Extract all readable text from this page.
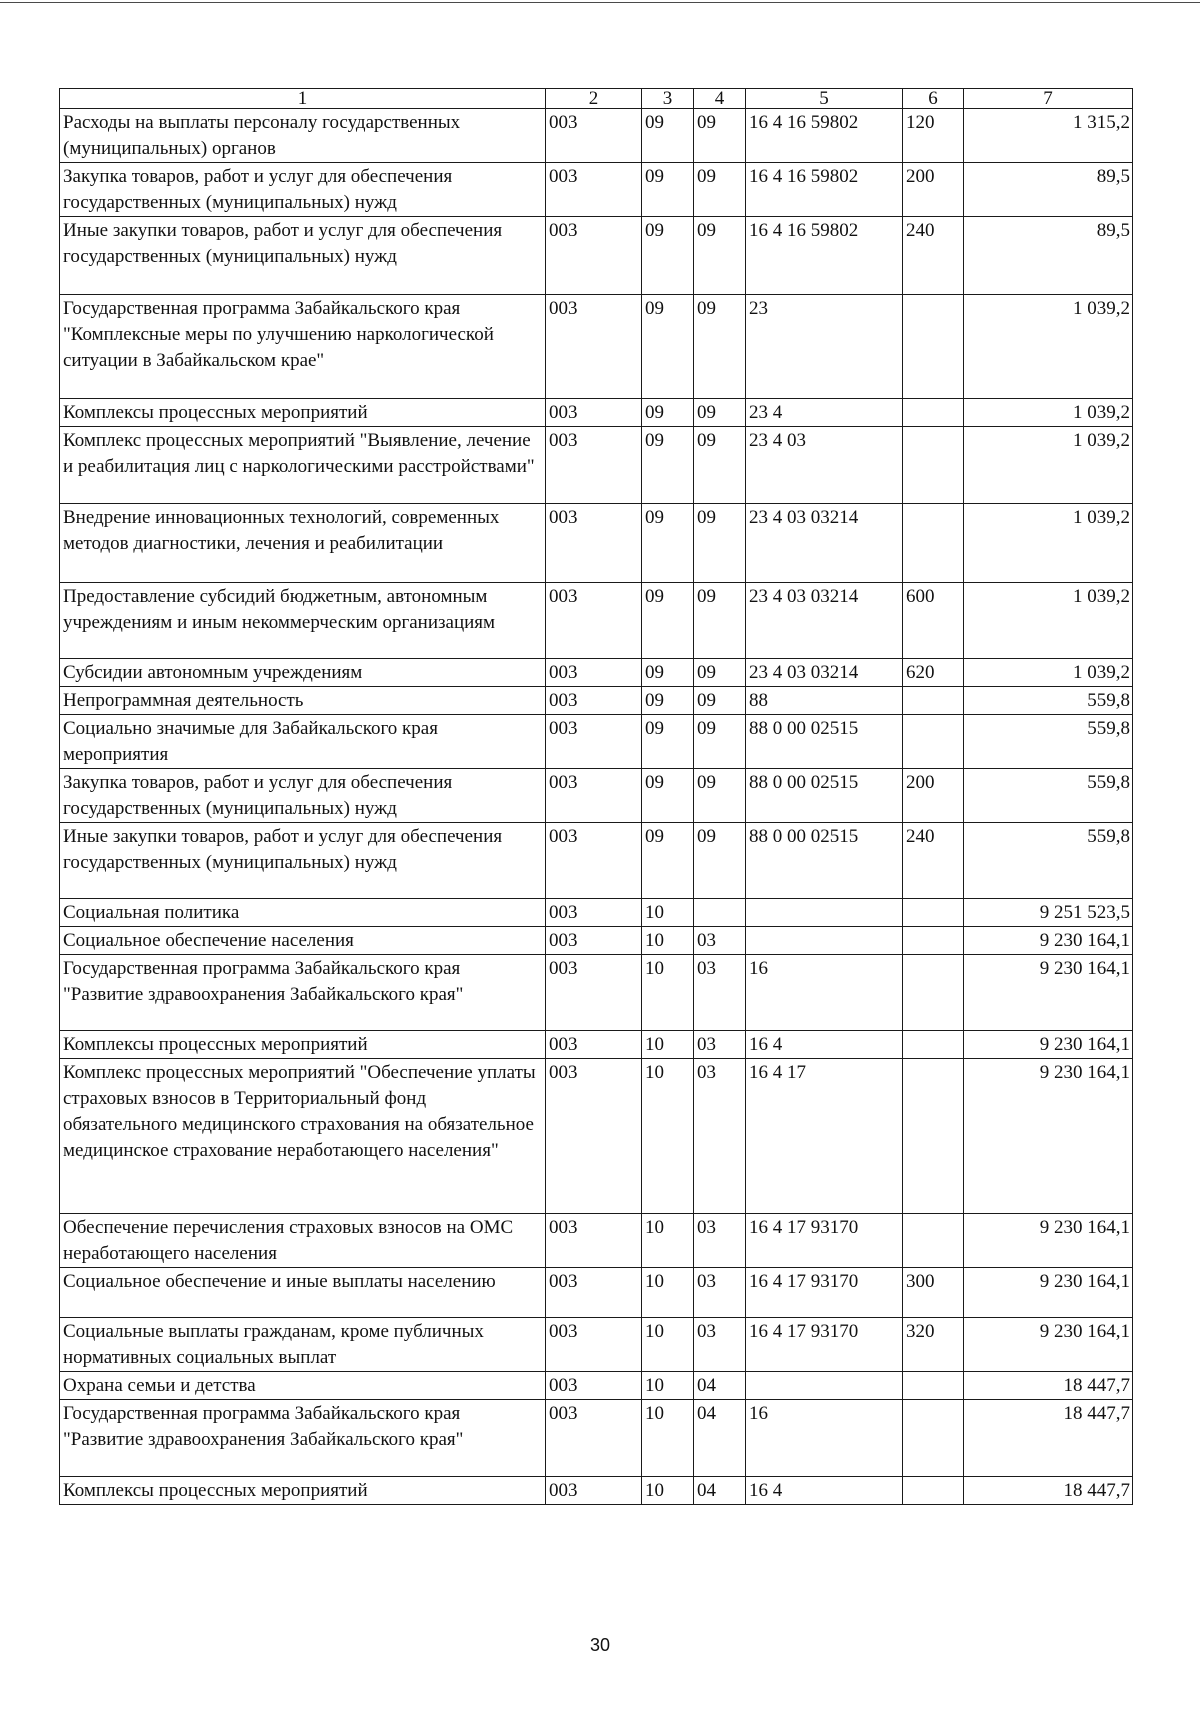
1	2	3	4	5	6	7
Расходы на выплаты персоналу государственных (муниципальных) органов	003	09	09	16 4 16 59802	120	1 315,2
Закупка товаров, работ и услуг для обеспечения государственных (муниципальных) нужд	003	09	09	16 4 16 59802	200	89,5
Иные закупки товаров, работ и услуг для обеспечения государственных (муниципальных) нужд	003	09	09	16 4 16 59802	240	89,5
Государственная программа Забайкальского края "Комплексные меры по улучшению наркологической ситуации в Забайкальском крае"	003	09	09	23		1 039,2
Комплексы процессных мероприятий	003	09	09	23 4		1 039,2
Комплекс процессных мероприятий "Выявление, лечение и реабилитация лиц с наркологическими расстройствами"	003	09	09	23 4 03		1 039,2
Внедрение инновационных технологий, современных методов диагностики, лечения и реабилитации	003	09	09	23 4 03 03214		1 039,2
Предоставление субсидий бюджетным, автономным учреждениям и иным некоммерческим организациям	003	09	09	23 4 03 03214	600	1 039,2
Субсидии автономным учреждениям	003	09	09	23 4 03 03214	620	1 039,2
Непрограммная деятельность	003	09	09	88		559,8
Социально значимые для Забайкальского края мероприятия	003	09	09	88 0 00 02515		559,8
Закупка товаров, работ и услуг для обеспечения государственных (муниципальных) нужд	003	09	09	88 0 00 02515	200	559,8
Иные закупки товаров, работ и услуг для обеспечения государственных (муниципальных) нужд	003	09	09	88 0 00 02515	240	559,8
Социальная политика	003	10				9 251 523,5
Социальное обеспечение населения	003	10	03			9 230 164,1
Государственная программа Забайкальского края "Развитие здравоохранения Забайкальского края"	003	10	03	16		9 230 164,1
Комплексы процессных мероприятий	003	10	03	16 4		9 230 164,1
Комплекс процессных мероприятий "Обеспечение уплаты страховых взносов в Территориальный фонд обязательного медицинского страхования на обязательное медицинское страхование неработающего населения"	003	10	03	16 4 17		9 230 164,1
Обеспечение перечисления страховых взносов на ОМС неработающего населения	003	10	03	16 4 17 93170		9 230 164,1
Социальное обеспечение и иные выплаты населению	003	10	03	16 4 17 93170	300	9 230 164,1
Социальные выплаты гражданам, кроме публичных нормативных социальных выплат	003	10	03	16 4 17 93170	320	9 230 164,1
Охрана семьи и детства	003	10	04			18 447,7
Государственная программа Забайкальского края "Развитие здравоохранения Забайкальского края"	003	10	04	16		18 447,7
Комплексы процессных мероприятий	003	10	04	16 4		18 447,7
30
